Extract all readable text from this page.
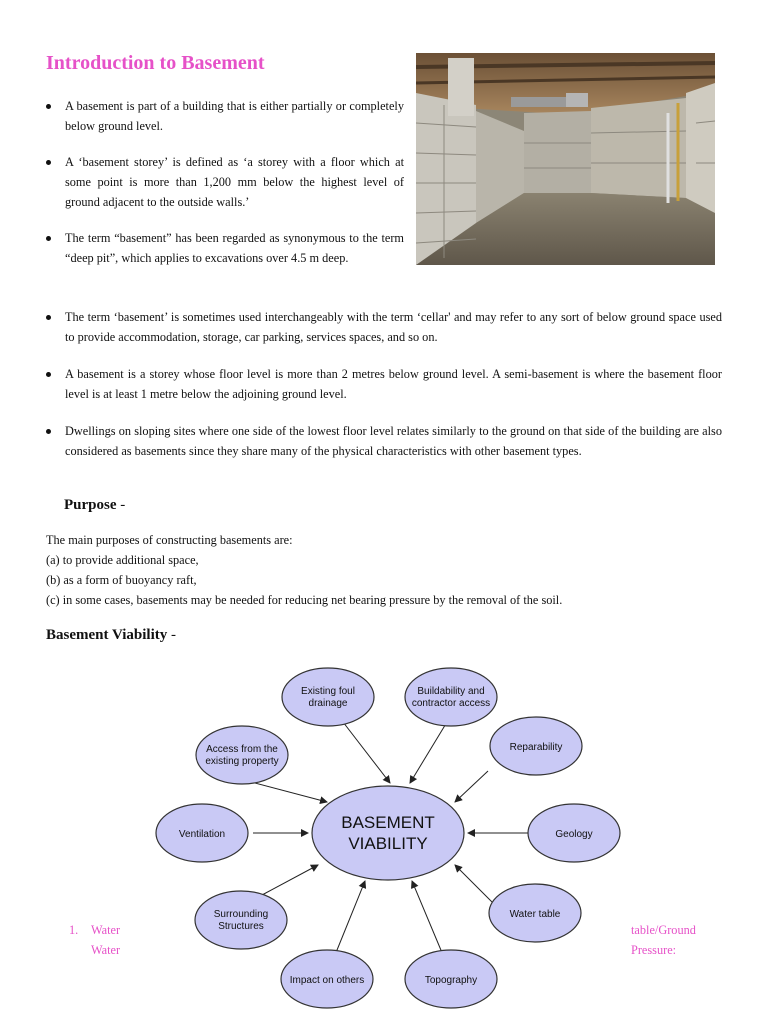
Introduction to Basement
A basement is part of a building that is either partially or completely below ground level.
A ‘basement storey’ is defined as ‘a storey with a floor which at some point is more than 1,200 mm below the highest level of ground adjacent to the outside walls.’
The term “basement” has been regarded as synonymous to the term “deep pit”, which applies to excavations over 4.5 m deep.
The term ‘basement’ is sometimes used interchangeably with the term ‘cellar' and may refer to any sort of below ground space used to provide accommodation, storage, car parking, services spaces, and so on.
A basement is a storey whose floor level is more than 2 metres below ground level. A semi-basement is where the basement floor level is at least 1 metre below the adjoining ground level.
Dwellings on sloping sites where one side of the lowest floor level relates similarly to the ground on that side of the building are also considered as basements since they share many of the physical characteristics with other basement types.
Purpose -
The main purposes of constructing basements are:
(a) to provide additional space,
(b) as a form of buoyancy raft,
(c) in some cases, basements may be needed for reducing net bearing pressure by the removal of the soil.
Basement Viability -
1. Water
Water
table/Ground
Pressure:
Existing foul
drainage
Buildability and
contractor access
Access from the
existing property
Reparability
Ventilation	Geology
Surrounding
Structures
Water table
Impact on others	Topography
BASEMENT
VIABILITY
